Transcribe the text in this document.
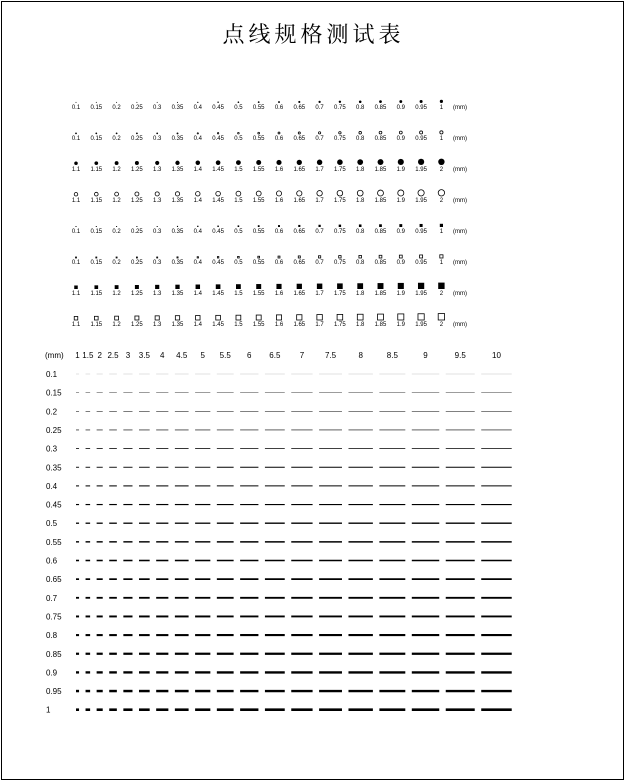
点线规格测试表
0.1 0.15 0.2 0.25 0.3 0.35 0.4 0.45 0.5 0.55 0.6 0.65 0.7 0.75 0.8 0.85 0.9 0.95 1 (mm)
0.1 0.15 0.2 0.25 0.3 0.35 0.4 0.45 0.5 0.55 0.6 0.65 0.7 0.75 0.8 0.85 0.9 0.95 1 (mm)
1.1 1.15 1.2 1.25 1.3 1.35 1.4 1.45 1.5 1.55 1.6 1.65 1.7 1.75 1.8 1.85 1.9 1.95 2 (mm)
1.1 1.15 1.2 1.25 1.3 1.35 1.4 1.45 1.5 1.55 1.6 1.65 1.7 1.75 1.8 1.85 1.9 1.95 2 (mm)
0.1 0.15 0.2 0.25 0.3 0.35 0.4 0.45 0.5 0.55 0.6 0.65 0.7 0.75 0.8 0.85 0.9 0.95 1 (mm)
0.1 0.15 0.2 0.25 0.3 0.35 0.4 0.45 0.5 0.55 0.6 0.65 0.7 0.75 0.8 0.85 0.9 0.95 1 (mm)
1.1 1.15 1.2 1.25 1.3 1.35 1.4 1.45 1.5 1.55 1.6 1.65 1.7 1.75 1.8 1.85 1.9 1.95 2 (mm)
1.1 1.15 1.2 1.25 1.3 1.35 1.4 1.45 1.5 1.55 1.6 1.65 1.7 1.75 1.8 1.85 1.9 1.95 2 (mm)
(mm) 1 1.5 2 2.5 3 3.5 4 4.5 5 5.5 6 6.5 7	7.5	8	8.5	9	9.5	10
0.1
0.15
0.2
0.25
0.3
0.35
0.4
0.45
0.5
0.55
0.6
0.65
0.7
0.75
0.8
0.85
0.9
0.95
1
